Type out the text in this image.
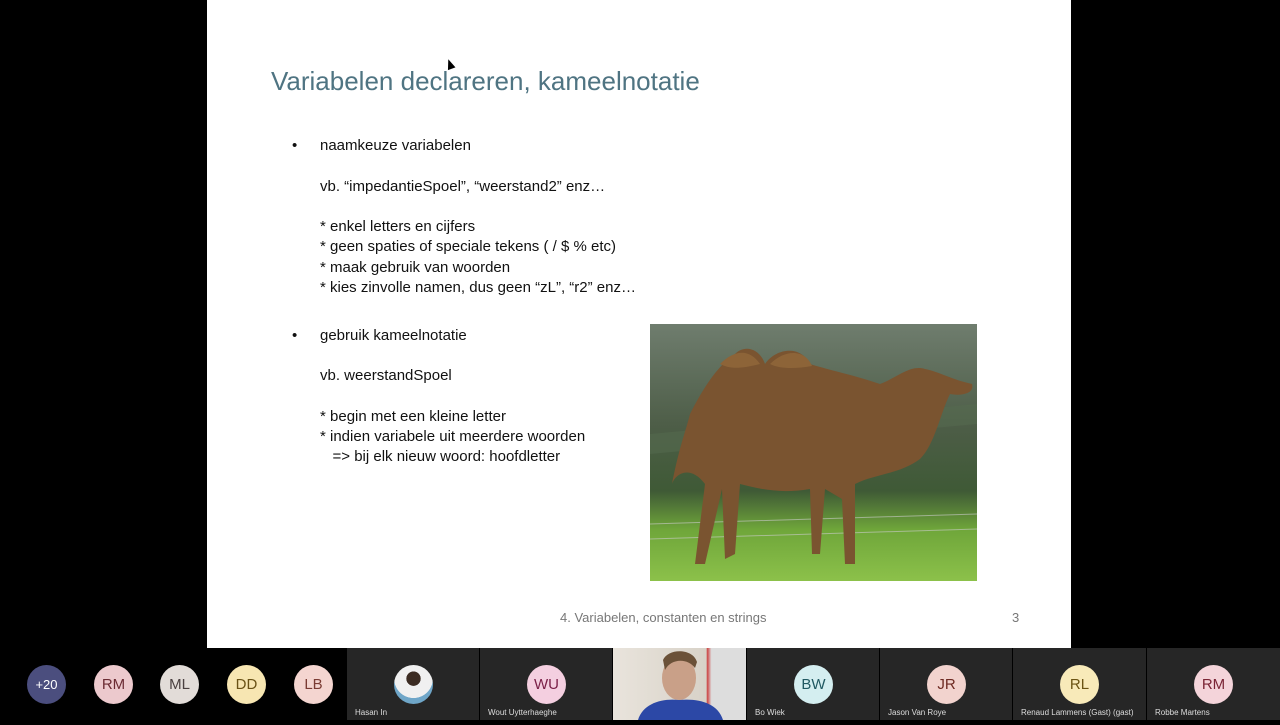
Variabelen declareren, kameelnotatie
• naamkeuze variabelen
vb. “impedantieSpoel”, “weerstand2” enz…
* enkel letters en cijfers
* geen spaties of speciale tekens ( / $ % etc)
* maak gebruik van woorden
* kies zinvolle namen, dus geen “zL”, “r2” enz…
• gebruik kameelnotatie
vb. weerstandSpoel
* begin met een kleine letter
* indien variabele uit meerdere woorden
=> bij elk nieuw woord: hoofdletter
4. Variabelen, constanten en strings	3
+20	RM	ML	DD	LB
Hasan In
WU
Wout Uytterhaeghe
BW
Bo Wiek
JR
Jason Van Roye
RL
Renaud Lammens (Gast) (gast)
RM
Robbe Martens
